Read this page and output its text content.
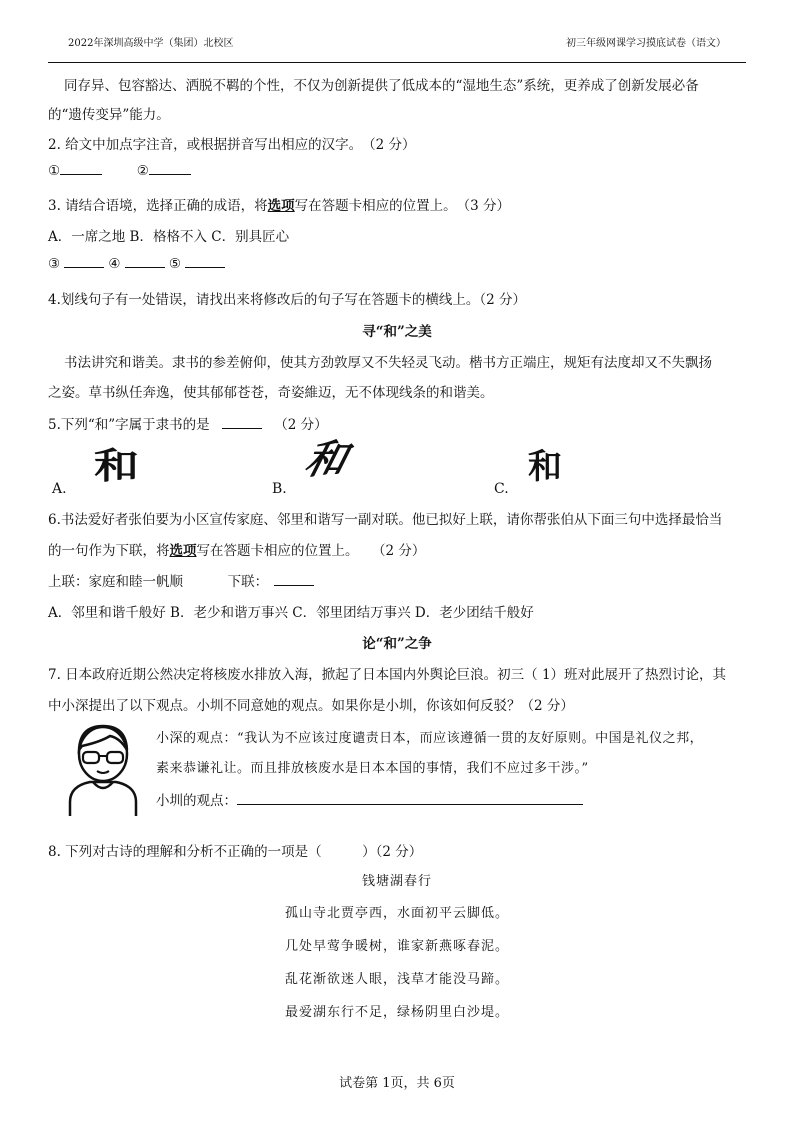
2022年深圳高级中学（集团）北校区	初三年级网课学习摸底试卷（语文）
同存异、包容豁达、洒脱不羁的个性，不仅为创新提供了低成本的“湿地生态”系统，更养成了创新发展必备
的“遗传变异”能力。
2. 给文中加点字注音，或根据拼音写出相应的汉字。　（2 分）
①	②
3. 请结合语境，选择正确的成语，将选项写在答题卡相应的位置上。　（3 分）
A．一席之地 B．格格不入 C．别具匠心
③	④	⑤
4.划线句子有一处错误，请找出来将修改后的句子写在答题卡的横线上。（2 分）
寻“和”之美
书法讲究和谐美。隶书的参差俯仰，使其方劲敦厚又不失轻灵飞动。楷书方正端庄，规矩有法度却又不失飘扬
之姿。草书纵任奔逸，使其郁郁苍苍，奇姿維迈，无不体现线条的和谐美。
5.下列“和”字属于隶书的是	（2 分）
A.
和
B.
和
C.
和
6.书法爱好者张伯要为小区宣传家庭、邻里和谐写一副对联。他已拟好上联，请你帮张伯从下面三句中选择最恰当
的一句作为下联，将选项写在答题卡相应的位置上。　　（2 分）
上联：家庭和睦一帆顺	下联：
A．邻里和谐千般好 B．老少和谐万事兴 C．邻里团结万事兴 D．老少团结千般好
论“和”之争
7. 日本政府近期公然决定将核废水排放入海，掀起了日本国内外舆论巨浪。初三（ 1）班对此展开了热烈讨论，其
中小深提出了以下观点。小圳不同意她的观点。如果你是小圳，你该如何反驳？（2 分）
小深的观点：“我认为不应该过度谴责日本，而应该遵循一贯的友好原则。中国是礼仪之邦，
素来恭谦礼让。而且排放核废水是日本本国的事情，我们不应过多干涉。”
小圳的观点：
8. 下列对古诗的理解和分析不正确的一项是（　　　）（2 分）
钱塘湖春行
孤山寺北贾亭西，水面初平云脚低。
几处早莺争暖树，谁家新燕啄春泥。
乱花渐欲迷人眼，浅草才能没马蹄。
最爱湖东行不足，绿杨阴里白沙堤。
试卷第 1页，共 6页
